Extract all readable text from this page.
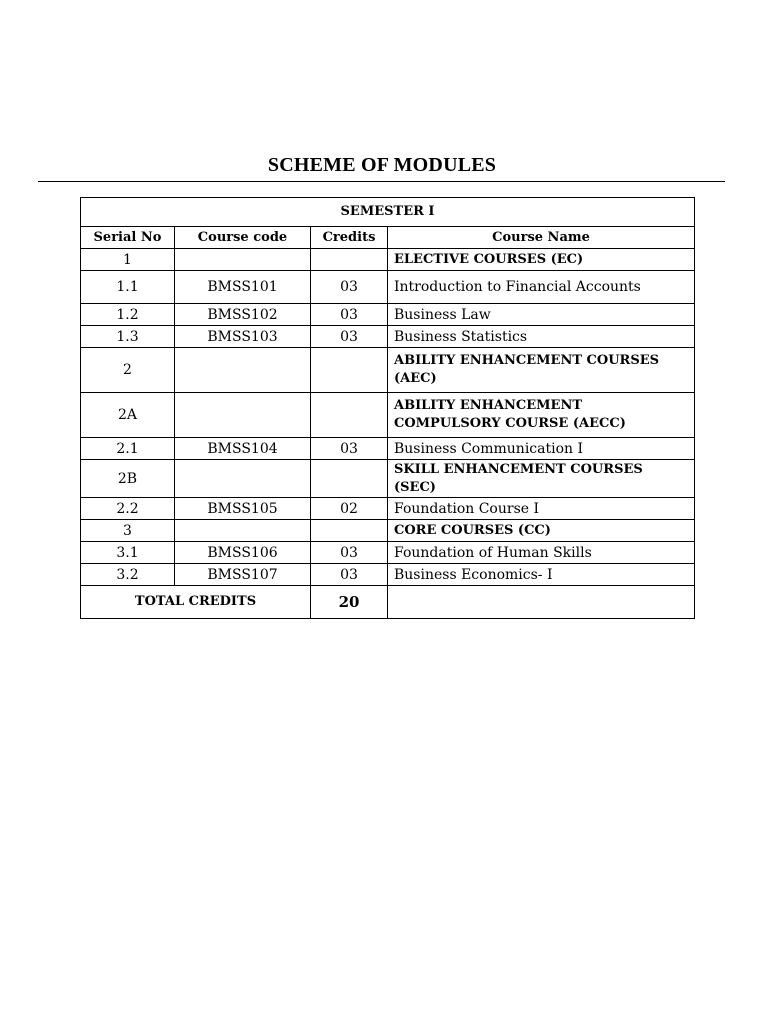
SCHEME OF MODULES
SEMESTER I			
Serial No	Course code	Credits	Course Name
1			ELECTIVE COURSES (EC)
1.1	BMSS101	03	Introduction to Financial Accounts
1.2	BMSS102	03	Business Law
1.3	BMSS103	03	Business Statistics
2			ABILITY ENHANCEMENT COURSES (AEC)
2A			ABILITY ENHANCEMENT COMPULSORY COURSE (AECC)
2.1	BMSS104	03	Business Communication I
2B			SKILL ENHANCEMENT COURSES (SEC)
2.2	BMSS105	02	Foundation Course I
3			CORE COURSES (CC)
3.1	BMSS106	03	Foundation of Human Skills
3.2	BMSS107	03	Business Economics- I
TOTAL CREDITS		20	
